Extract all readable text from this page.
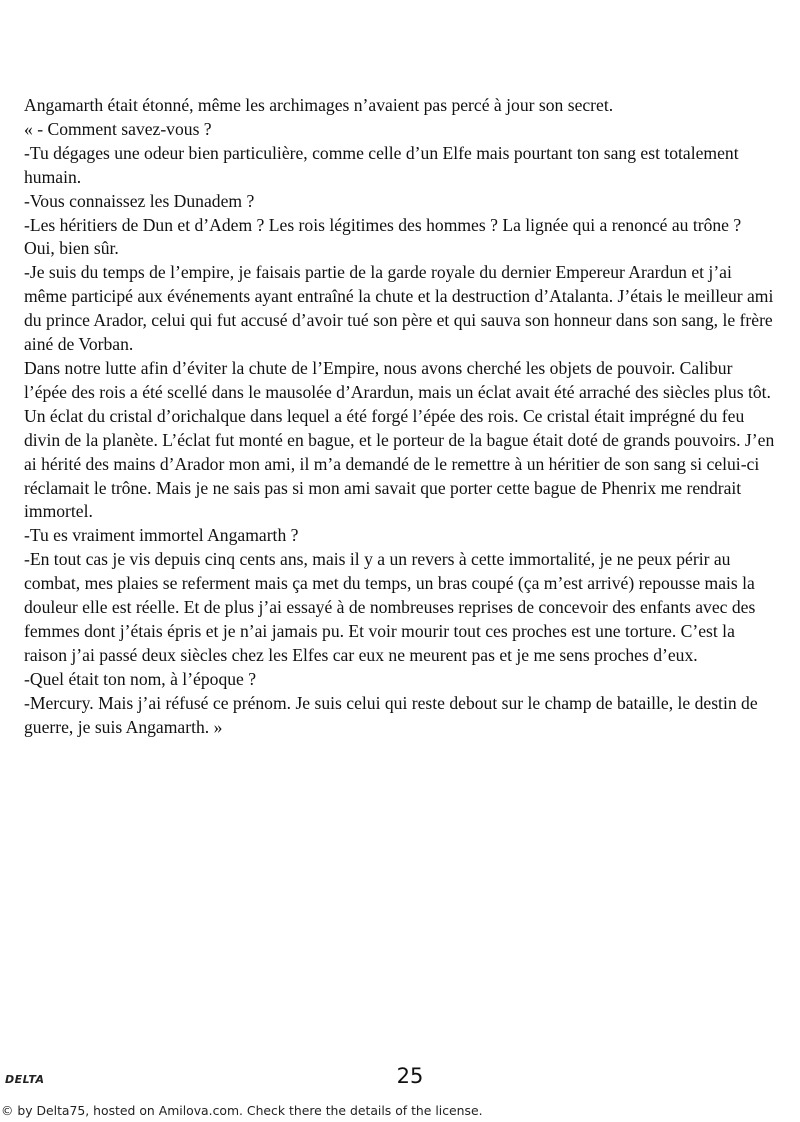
Angamarth était étonné, même les archimages n’avaient pas percé à jour son secret.
« - Comment savez-vous ?
-Tu dégages une odeur bien particulière, comme celle d’un Elfe mais pourtant ton sang est totalement humain.
-Vous connaissez les Dunadem ?
-Les héritiers de Dun et d’Adem ? Les rois légitimes des hommes ? La lignée qui a renoncé au trône ? Oui, bien sûr.
-Je suis du temps de l’empire, je faisais partie de la garde royale du dernier Empereur Arardun et j’ai même participé aux événements ayant entraîné la chute et la destruction d’Atalanta. J’étais le meilleur ami du prince Arador, celui qui fut accusé d’avoir tué son père et qui sauva son honneur dans son sang, le frère ainé de Vorban.
Dans notre lutte afin d’éviter la chute de l’Empire, nous avons cherché les objets de pouvoir. Calibur l’épée des rois a été scellé dans le mausolée d’Arardun, mais un éclat avait été arraché des siècles plus tôt. Un éclat du cristal d’orichalque dans lequel a été forgé l’épée des rois. Ce cristal était imprégné du feu divin de la planète. L’éclat fut monté en bague, et le porteur de la bague était doté de grands pouvoirs. J’en ai hérité des mains d’Arador mon ami, il m’a demandé de le remettre à un héritier de son sang si celui-ci réclamait le trône. Mais je ne sais pas si mon ami savait que porter cette bague de Phenrix me rendrait immortel.
-Tu es vraiment immortel Angamarth ?
-En tout cas je vis depuis cinq cents ans, mais il y a un revers à cette immortalité, je ne peux périr au combat, mes plaies se referment mais ça met du temps, un bras coupé (ça m’est arrivé) repousse mais la douleur elle est réelle. Et de plus j’ai essayé à de nombreuses reprises de concevoir des enfants avec des femmes dont j’étais épris et je n’ai jamais pu. Et voir mourir tout ces proches est une torture. C’est la raison j’ai passé deux siècles chez les Elfes car eux ne meurent pas et je me sens proches d’eux.
-Quel était ton nom, à l’époque ?
-Mercury. Mais j’ai réfusé ce prénom. Je suis celui qui reste debout sur le champ de bataille, le destin de guerre, je suis Angamarth. »

DELTA	25
© by Delta75, hosted on Amilova.com. Check there the details of the license.
